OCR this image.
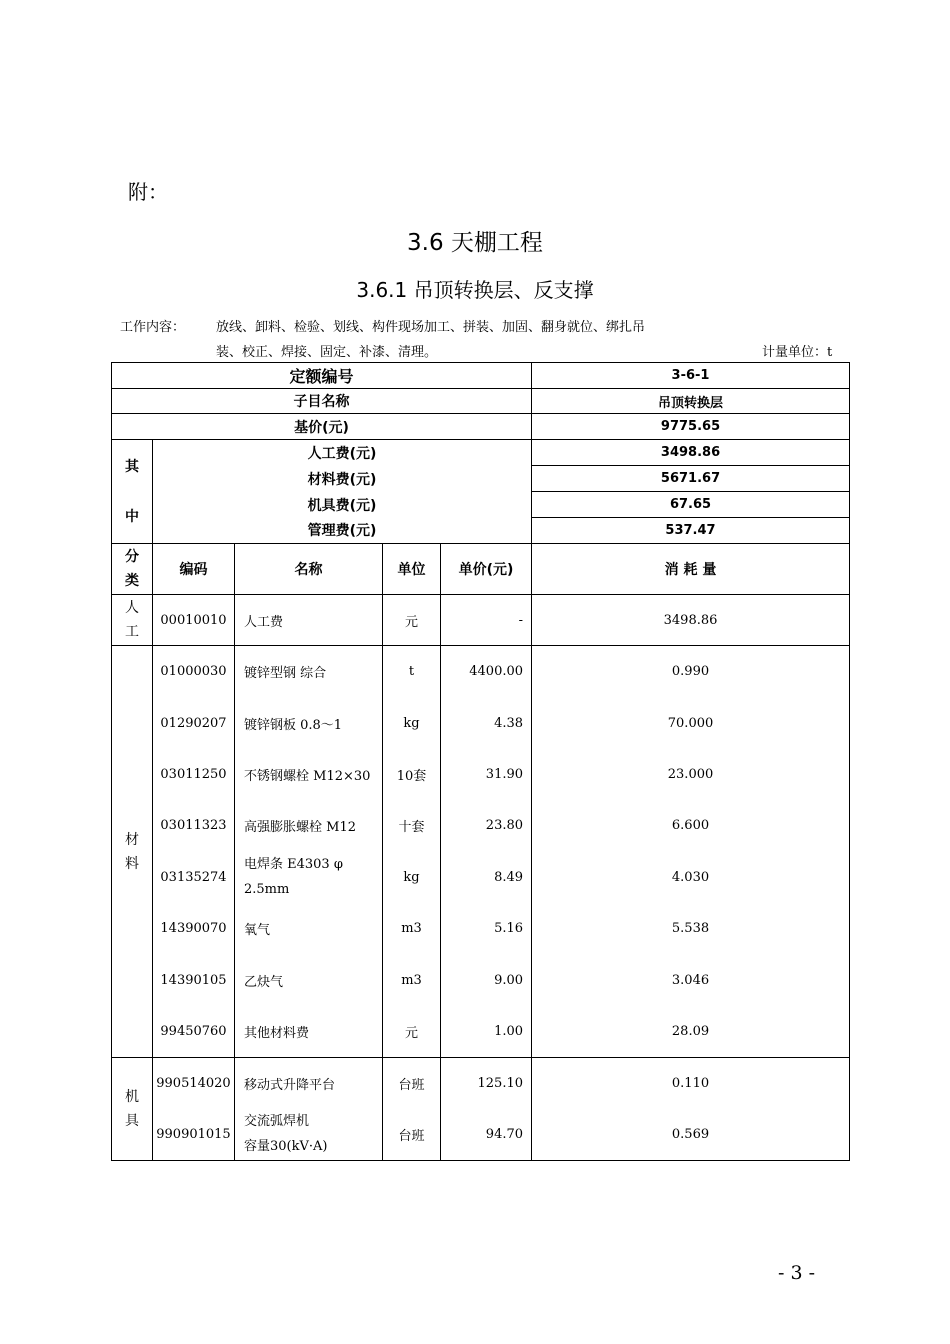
附：
3.6 天棚工程
3.6.1 吊顶转换层、反支撑
工作内容： 放线、卸料、检验、划线、构件现场加工、拼装、加固、翻身就位、绑扎吊
装、校正、焊接、固定、补漆、清理。	计量单位：t
定额编号					3-6-1
子目名称					吊顶转换层
基价(元)					9775.65

其
中	人工费(元)				3498.86
	材料费(元)				5671.67
	机具费(元)				67.65
	管理费(元)				537.47

分
类	编码	名称	单位	单价(元)	消 耗 量

人
工	00010010	人工费	元	-	3498.86

材
料	01000030	镀锌型钢 综合	t	4400.00	0.990
	01290207	镀锌钢板 0.8～1	kg	4.38	70.000
	03011250	不锈钢螺栓 M12×30	10套	31.90	23.000
	03011323	高强膨胀螺栓 M12	十套	23.80	6.600
	03135274	电焊条 E4303 φ
2.5mm	kg	8.49	4.030
	14390070	氧气	m3	5.16	5.538
	14390105	乙炔气	m3	9.00	3.046
	99450760	其他材料费	元	1.00	28.09

机
具	990514020	移动式升降平台	台班	125.10	0.110
	990901015	交流弧焊机
容量30(kV·A)	台班	94.70	0.569
- 3 -
